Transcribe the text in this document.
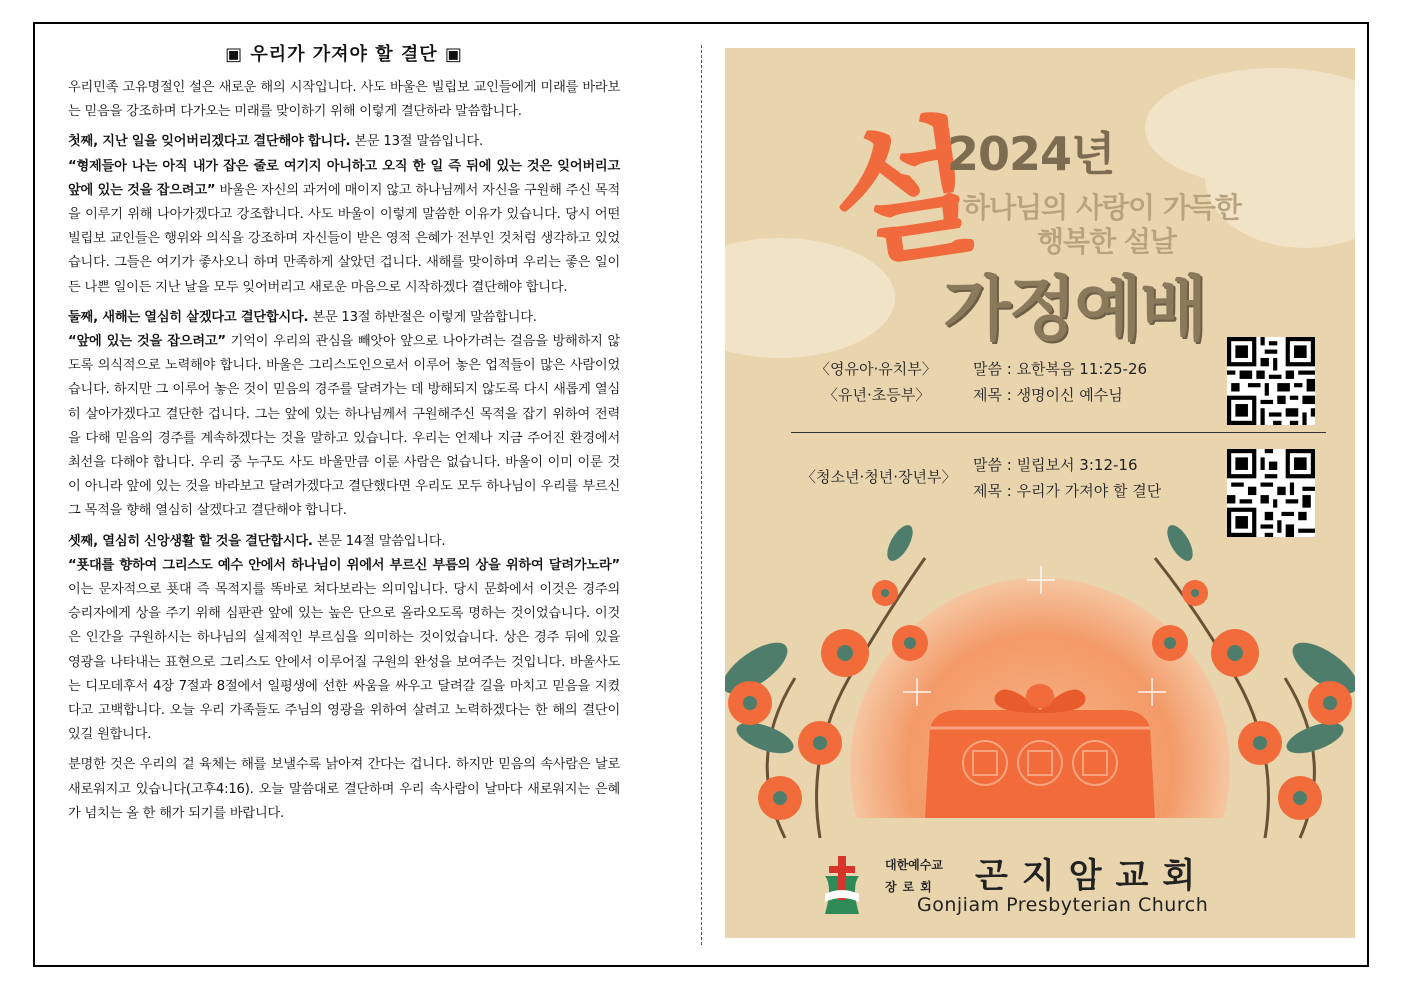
▣ 우리가 가져야 할 결단 ▣

우리민족 고유명절인 설은 새로운 해의 시작입니다. 사도 바울은 빌립보 교인들에게 미래를 바라보는 믿음을 강조하며 다가오는 미래를 맞이하기 위해 이렇게 결단하라 말씀합니다.

첫째, 지난 일을 잊어버리겠다고 결단해야 합니다. 본문 13절 말씀입니다.
“형제들아 나는 아직 내가 잡은 줄로 여기지 아니하고 오직 한 일 즉 뒤에 있는 것은 잊어버리고 앞에 있는 것을 잡으려고” 바울은 자신의 과거에 매이지 않고 하나님께서 자신을 구원해 주신 목적을 이루기 위해 나아가겠다고 강조합니다. 사도 바울이 이렇게 말씀한 이유가 있습니다. 당시 어떤 빌립보 교인들은 행위와 의식을 강조하며 자신들이 받은 영적 은혜가 전부인 것처럼 생각하고 있었습니다. 그들은 여기가 좋사오니 하며 만족하게 살았던 겁니다. 새해를 맞이하며 우리는 좋은 일이든 나쁜 일이든 지난 날을 모두 잊어버리고 새로운 마음으로 시작하겠다 결단해야 합니다.

둘째, 새해는 열심히 살겠다고 결단합시다. 본문 13절 하반절은 이렇게 말씀합니다.
“앞에 있는 것을 잡으려고” 기억이 우리의 관심을 빼앗아 앞으로 나아가려는 걸음을 방해하지 않도록 의식적으로 노력해야 합니다. 바울은 그리스도인으로서 이루어 놓은 업적들이 많은 사람이었습니다. 하지만 그 이루어 놓은 것이 믿음의 경주를 달려가는 데 방해되지 않도록 다시 새롭게 열심히 살아가겠다고 결단한 겁니다. 그는 앞에 있는 하나님께서 구원해주신 목적을 잡기 위하여 전력을 다해 믿음의 경주를 계속하겠다는 것을 말하고 있습니다. 우리는 언제나 지금 주어진 환경에서 최선을 다해야 합니다. 우리 중 누구도 사도 바울만큼 이룬 사람은 없습니다. 바울이 이미 이룬 것이 아니라 앞에 있는 것을 바라보고 달려가겠다고 결단했다면 우리도 모두 하나님이 우리를 부르신 그 목적을 향해 열심히 살겠다고 결단해야 합니다.

셋째, 열심히 신앙생활 할 것을 결단합시다. 본문 14절 말씀입니다.
“푯대를 향하여 그리스도 예수 안에서 하나님이 위에서 부르신 부름의 상을 위하여 달려가노라” 이는 문자적으로 푯대 즉 목적지를 똑바로 쳐다보라는 의미입니다. 당시 문화에서 이것은 경주의 승리자에게 상을 주기 위해 심판관 앞에 있는 높은 단으로 올라오도록 명하는 것이었습니다. 이것은 인간을 구원하시는 하나님의 실제적인 부르심을 의미하는 것이었습니다. 상은 경주 뒤에 있을 영광을 나타내는 표현으로 그리스도 안에서 이루어질 구원의 완성을 보여주는 것입니다. 바울사도는 디모데후서 4장 7절과 8절에서 일평생에 선한 싸움을 싸우고 달려갈 길을 마치고 믿음을 지켰다고 고백합니다. 오늘 우리 가족들도 주님의 영광을 위하여 살려고 노력하겠다는 한 해의 결단이 있길 원합니다.

분명한 것은 우리의 겉 육체는 해를 보낼수록 낡아져 간다는 겁니다. 하지만 믿음의 속사람은 날로 새로워지고 있습니다(고후4:16). 오늘 말씀대로 결단하며 우리 속사람이 날마다 새로워지는 은혜가 넘치는 올 한 해가 되기를 바랍니다.

설
2024년
하나님의 사랑이 가득한
행복한 설날
가정예배
〈영유아·유치부〉
〈유년·초등부〉
말씀 : 요한복음 11:25-26
제목 : 생명이신 예수님
〈청소년·청년·장년부〉
말씀 : 빌립보서 3:12-16
제목 : 우리가 가져야 할 결단
대한예수교
장로회 곤지암교회
Gonjiam Presbyterian Church
